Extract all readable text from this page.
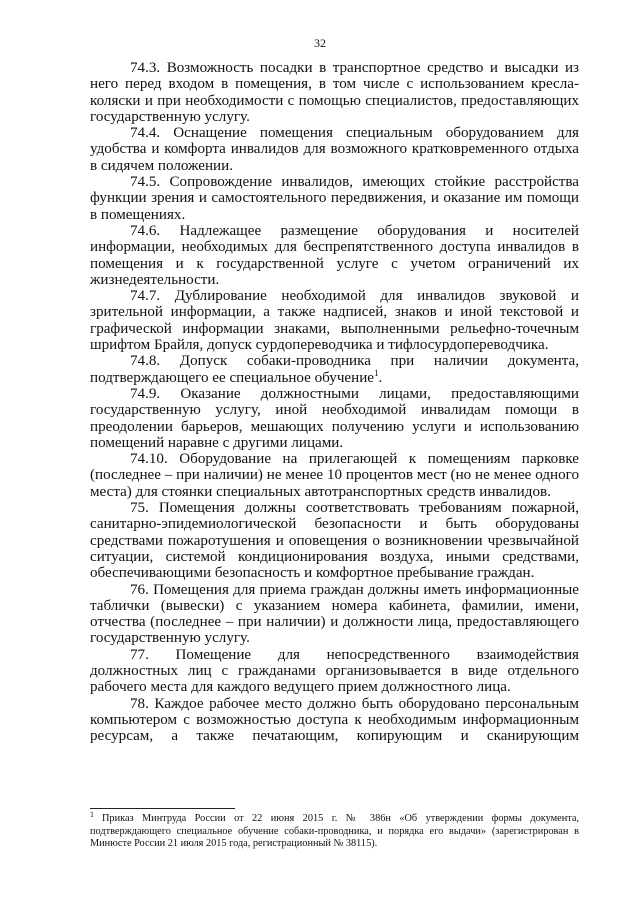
32

74.3. Возможность посадки в транспортное средство и высадки из него перед входом в помещения, в том числе с использованием кресла-коляски и при необходимости с помощью специалистов, предоставляющих государственную услугу.

74.4. Оснащение помещения специальным оборудованием для удобства и комфорта инвалидов для возможного кратковременного отдыха в сидячем положении.

74.5. Сопровождение инвалидов, имеющих стойкие расстройства функции зрения и самостоятельного передвижения, и оказание им помощи в помещениях.

74.6. Надлежащее размещение оборудования и носителей информации, необходимых для беспрепятственного доступа инвалидов в помещения и к государственной услуге с учетом ограничений их жизнедеятельности.

74.7. Дублирование необходимой для инвалидов звуковой и зрительной информации, а также надписей, знаков и иной текстовой и графической информации знаками, выполненными рельефно-точечным шрифтом Брайля, допуск сурдопереводчика и тифлосурдопереводчика.

74.8. Допуск собаки-проводника при наличии документа, подтверждающего ее специальное обучение$^1$.

74.9. Оказание должностными лицами, предоставляющими государственную услугу, иной необходимой инвалидам помощи в преодолении барьеров, мешающих получению услуги и использованию помещений наравне с другими лицами.

74.10. Оборудование на прилегающей к помещениям парковке (последнее – при наличии) не менее 10 процентов мест (но не менее одного места) для стоянки специальных автотранспортных средств инвалидов.

75. Помещения должны соответствовать требованиям пожарной, санитарно-эпидемиологической безопасности и быть оборудованы средствами пожаротушения и оповещения о возникновении чрезвычайной ситуации, системой кондиционирования воздуха, иными средствами, обеспечивающими безопасность и комфортное пребывание граждан.

76. Помещения для приема граждан должны иметь информационные таблички (вывески) с указанием номера кабинета, фамилии, имени, отчества (последнее – при наличии) и должности лица, предоставляющего государственную услугу.

77. Помещение для непосредственного взаимодействия должностных лиц с гражданами организовывается в виде отдельного рабочего места для каждого ведущего прием должностного лица.

78. Каждое рабочее место должно быть оборудовано персональным компьютером с возможностью доступа к необходимым информационным ресурсам, а также печатающим, копирующим и сканирующим

$^1$ Приказ Минтруда России от 22 июня 2015 г. № 386н «Об утверждении формы документа, подтверждающего специальное обучение собаки-проводника, и порядка его выдачи» (зарегистрирован в Минюсте России 21 июля 2015 года, регистрационный № 38115).
